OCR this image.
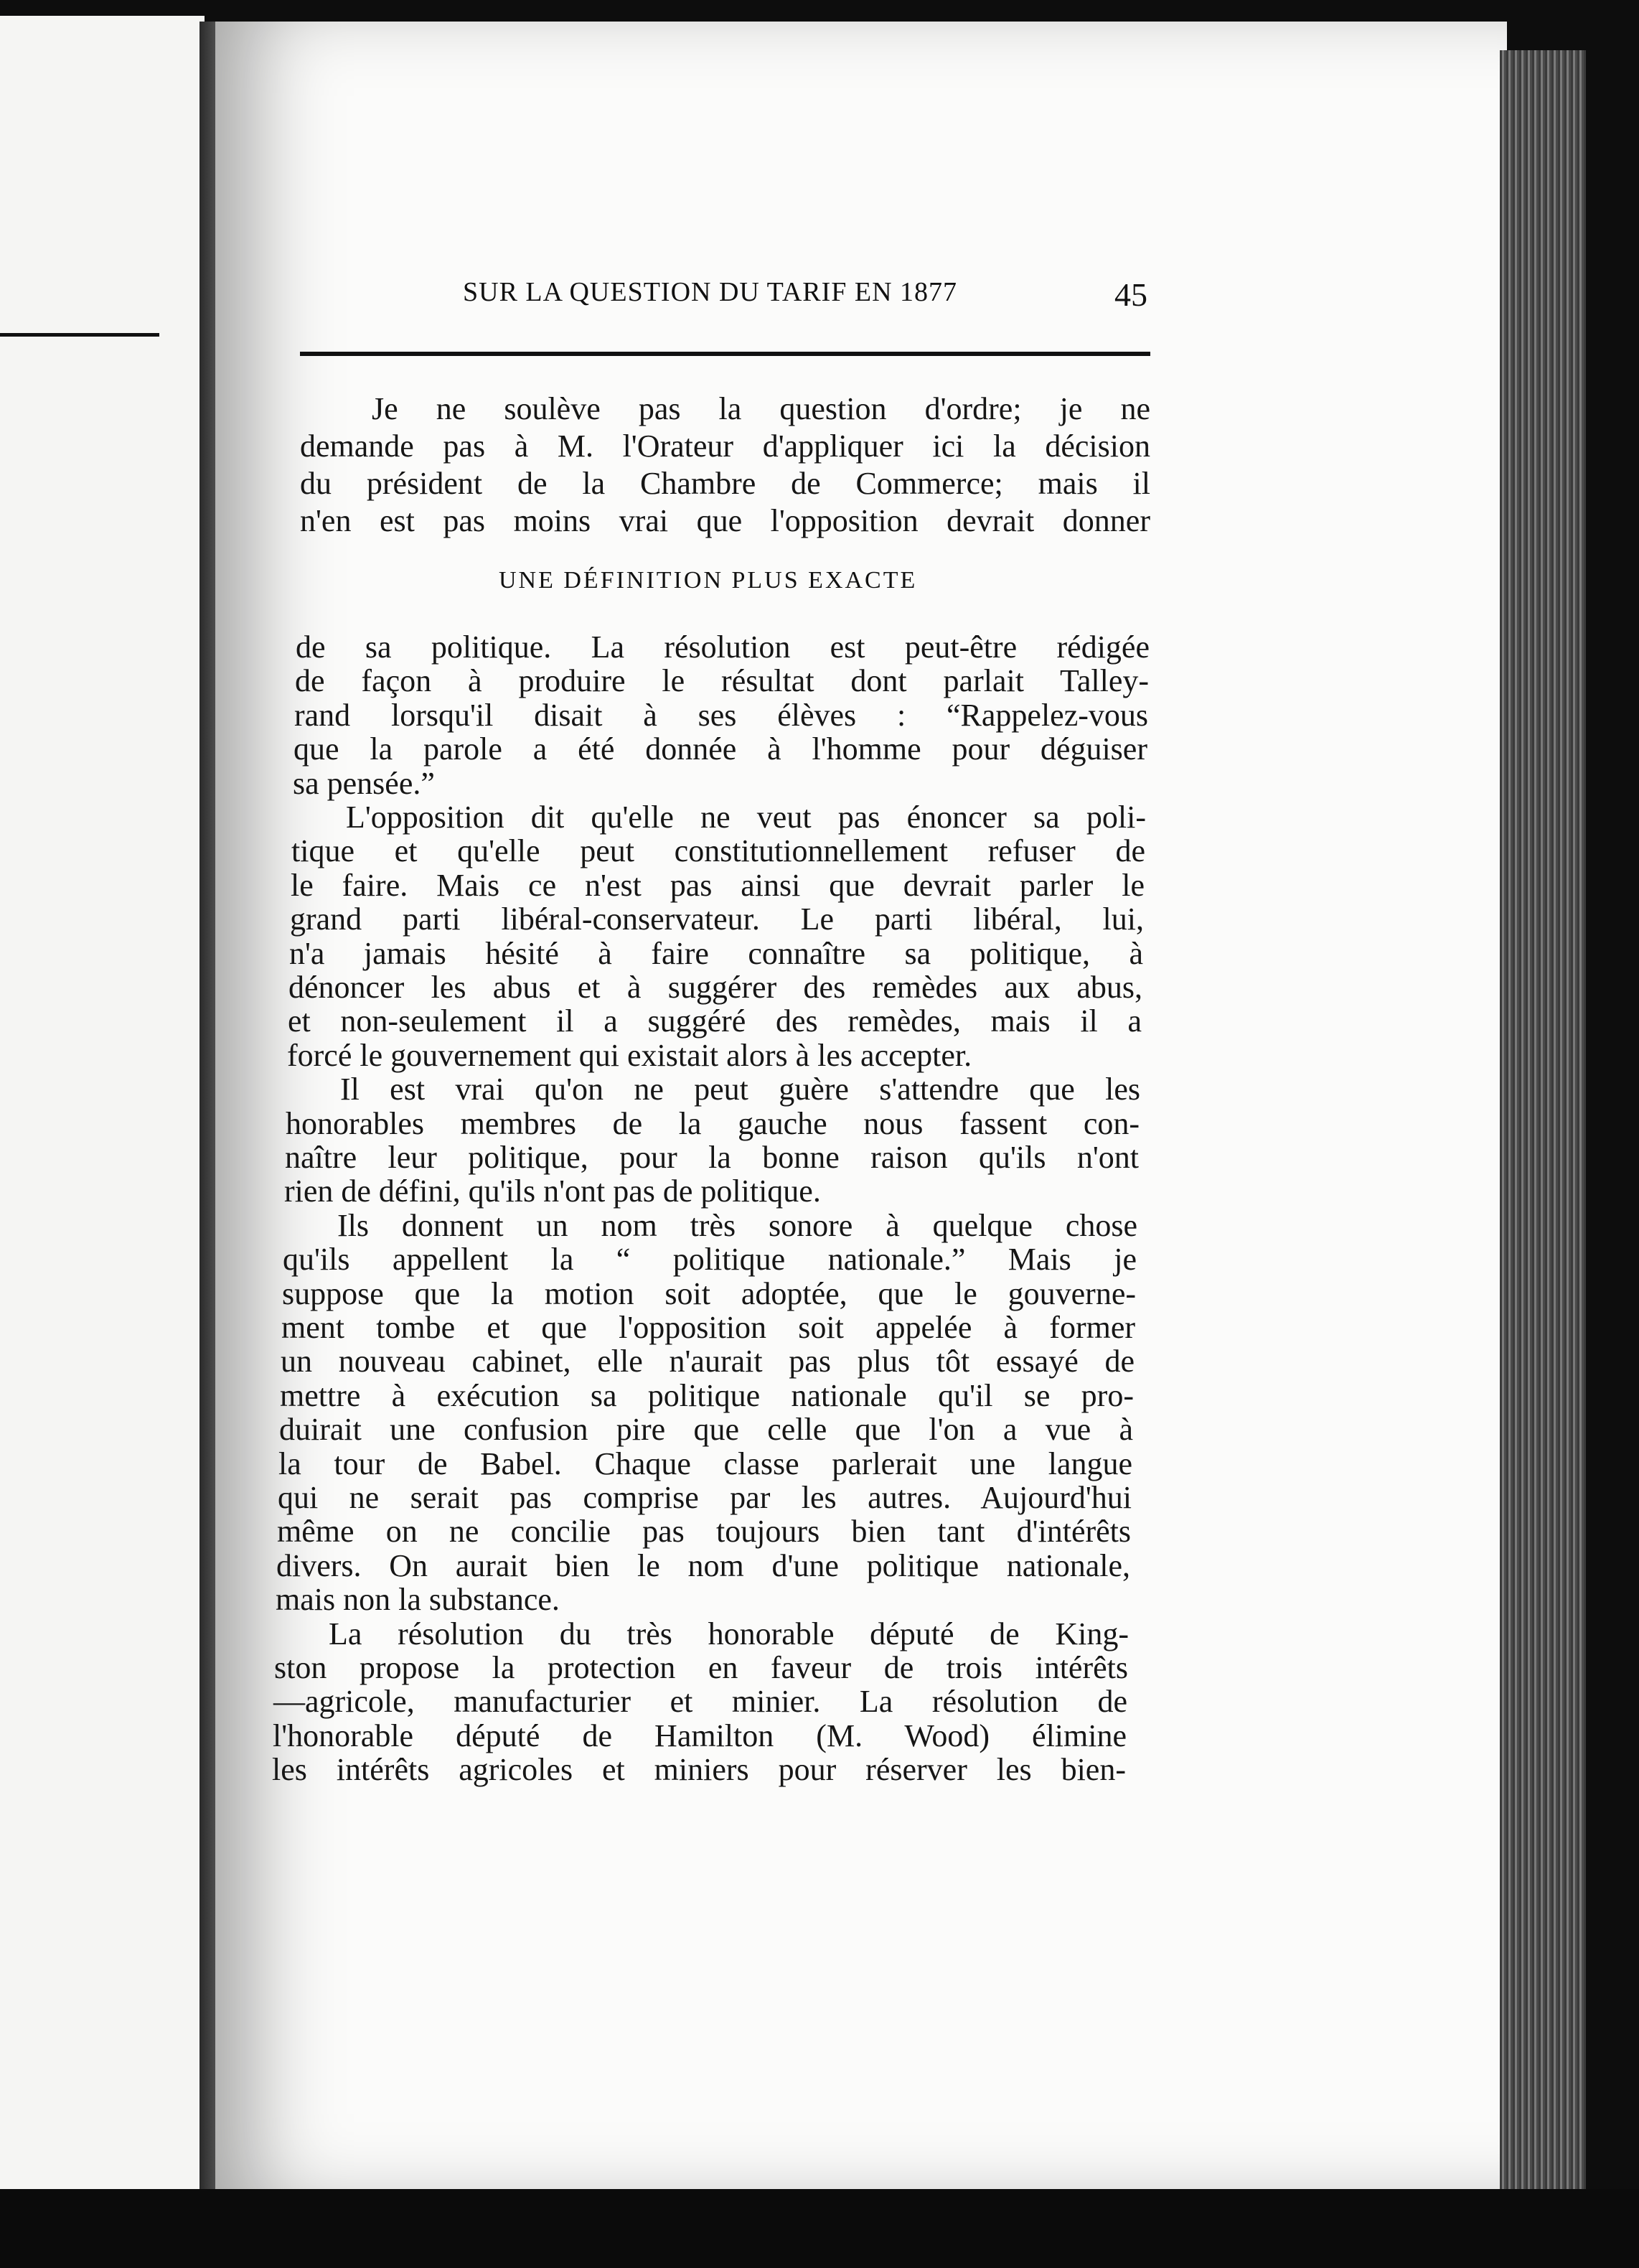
SUR LA QUESTION DU TARIF EN 1877	45
UNE DÉFINITION PLUS EXACTE
Je ne soulève pas la question d'ordre; je ne
demande pas à M. l'Orateur d'appliquer ici la décision
du président de la Chambre de Commerce; mais il
n'en est pas moins vrai que l'opposition devrait donner
de sa politique. La résolution est peut-être rédigée
de façon à produire le résultat dont parlait Talley-
rand lorsqu'il disait à ses élèves : “Rappelez-vous
que la parole a été donnée à l'homme pour déguiser
sa pensée.”
L'opposition dit qu'elle ne veut pas énoncer sa poli-
tique et qu'elle peut constitutionnellement refuser de
le faire. Mais ce n'est pas ainsi que devrait parler le
grand parti libéral-conservateur. Le parti libéral, lui,
n'a jamais hésité à faire connaître sa politique, à
dénoncer les abus et à suggérer des remèdes aux abus,
et non-seulement il a suggéré des remèdes, mais il a
forcé le gouvernement qui existait alors à les accepter.
Il est vrai qu'on ne peut guère s'attendre que les
honorables membres de la gauche nous fassent con-
naître leur politique, pour la bonne raison qu'ils n'ont
rien de défini, qu'ils n'ont pas de politique.
Ils donnent un nom très sonore à quelque chose
qu'ils appellent la “ politique nationale.” Mais je
suppose que la motion soit adoptée, que le gouverne-
ment tombe et que l'opposition soit appelée à former
un nouveau cabinet, elle n'aurait pas plus tôt essayé de
mettre à exécution sa politique nationale qu'il se pro-
duirait une confusion pire que celle que l'on a vue à
la tour de Babel. Chaque classe parlerait une langue
qui ne serait pas comprise par les autres. Aujourd'hui
même on ne concilie pas toujours bien tant d'intérêts
divers. On aurait bien le nom d'une politique nationale,
mais non la substance.
La résolution du très honorable député de King-
ston propose la protection en faveur de trois intérêts
—agricole, manufacturier et minier. La résolution de
l'honorable député de Hamilton (M. Wood) élimine
les intérêts agricoles et miniers pour réserver les bien-
